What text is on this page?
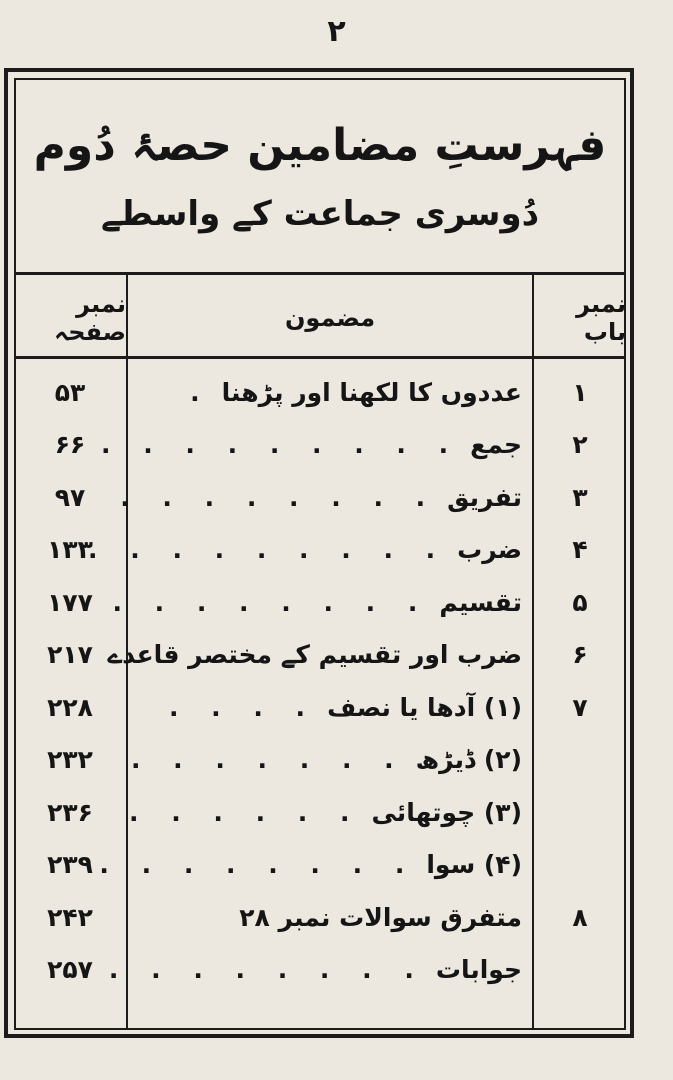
۲
فہرستِ مضامین حصۂ دُوم
دُوسری جماعت کے واسطے
نمبر صفحہ	مضمون	نمبر باب
۱
عددوں کا لکھنا اور پڑھنا
.
۵۳
۲
جمع
. . . . . . . . .
۶۶
۳
تفریق
. . . . . . . .
۹۷
۴
ضرب
. . . . . . . . .
۱۳۳
۵
تقسیم
. . . . . . . .
۱۷۷
۶
ضرب اور تقسیم کے مختصر قاعدے
۲۱۷
۷
(۱) آدھا یا نصف
. . . .
۲۲۸
(۲) ڈیڑھ
. . . . . . .
۲۳۲
(۳) چوتھائی
. . . . . .
۲۳۶
(۴) سوا
. . . . . . . .
۲۳۹
۸
متفرق سوالات نمبر ۲۸
۲۴۲
جوابات
. . . . . . . .
۲۵۷
